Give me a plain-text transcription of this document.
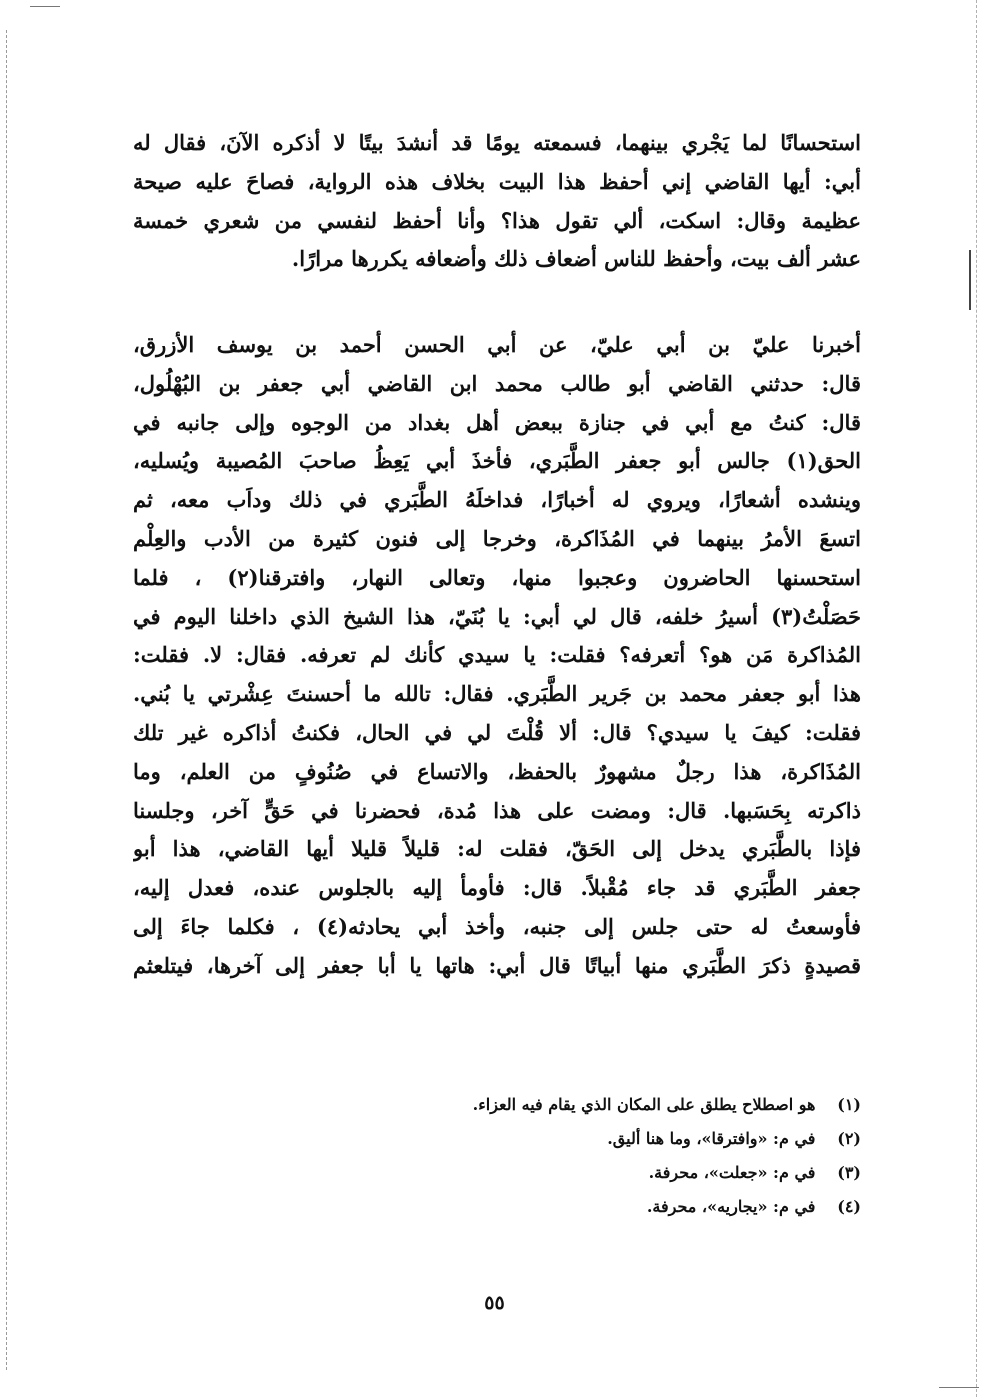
استحسانًا لما يَجْري بينهما، فسمعته يومًا قد أنشدَ بيتًا لا أذكره الآنَ، فقال له
أبي: أيها القاضي إني أحفظ هذا البيت بخلاف هذه الرواية، فصاحَ عليه صيحة
عظيمة وقال: اسكت، ألي تقول هذا؟ وأنا أحفظ لنفسي من شعري خمسة
عشر ألف بيت، وأحفظ للناس أضعاف ذلك وأضعافه يكررها مرارًا.
أخبرنا عليّ بن أبي عليّ، عن أبي الحسن أحمد بن يوسف الأزرق،
قال: حدثني القاضي أبو طالب محمد ابن القاضي أبي جعفر بن البُهْلُول،
قال: كنتُ مع أبي في جنازة ببعض أهل بغداد من الوجوه وإلى جانبه في
الحق(١) جالس أبو جعفر الطَّبَري، فأخذَ أبي يَعِظُ صاحبَ المُصيبة ويُسليه،
وينشده أشعارًا، ويروي له أخبارًا، فداخلَهُ الطَّبَري في ذلك وداَب معه، ثم
اتسعَ الأمرُ بينهما في المُذَاكرة، وخرجا إلى فنون كثيرة من الأدب والعِلْم
استحسنها الحاضرون وعجبوا منها، وتعالى النهار، وافترقنا(٢) ، فلما
حَصَلْتُ(٣) أسيرُ خلفه، قال لي أبي: يا بُنَيّ، هذا الشيخ الذي داخلنا اليوم في
المُذاكرة مَن هو؟ أتعرفه؟ فقلت: يا سيدي كأنك لم تعرفه. فقال: لا. فقلت:
هذا أبو جعفر محمد بن جَرير الطَّبَري. فقال: تالله ما أحسنتَ عِشْرتي يا بُني.
فقلت: كيفَ يا سيدي؟ قال: ألا قُلْتَ لي في الحال، فكنتُ أذاكره غير تلك
المُذَاكرة، هذا رجلٌ مشهورٌ بالحفظ، والاتساع في صُنُوفٍ من العلم، وما
ذاكرته بِحَسَبها. قال: ومضت على هذا مُدة، فحضرنا في حَقٍّ آخر، وجلسنا
فإذا بالطَّبَري يدخل إلى الحَقّ، فقلت له: قليلاً قليلا أيها القاضي، هذا أبو
جعفر الطَّبَري قد جاء مُقْبلاً. قال: فأومأ إليه بالجلوس عنده، فعدل إليه،
فأوسعتُ له حتى جلس إلى جنبه، وأخذ أبي يحادثه(٤) ، فكلما جاءَ إلى
قصيدةٍ ذكرَ الطَّبَري منها أبياتًا قال أبي: هاتها يا أبا جعفر إلى آخرها، فيتلعثم
(١) هو اصطلاح يطلق على المكان الذي يقام فيه العزاء.
(٢) في م: «وافترقا»، وما هنا أليق.
(٣) في م: «جعلت»، محرفة.
(٤) في م: «يجاريه»، محرفة.
٥٥
